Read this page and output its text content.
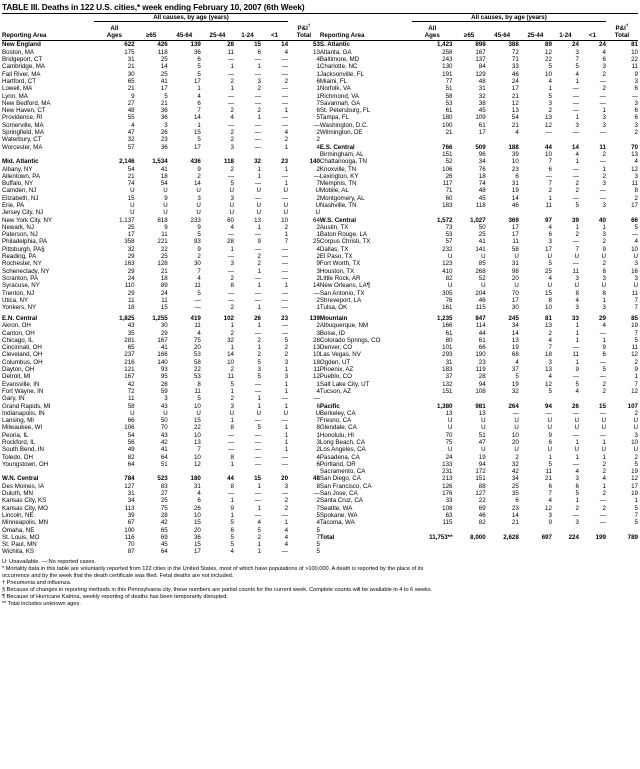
TABLE III. Deaths in 122 U.S. cities,* week ending February 10, 2007 (6th Week)
	All causes, by age (years)								All causes, by age (years)						
Reporting Area	All
Ages	≥65	45-64	25-44	1-24	<1	P&I†
Total	Reporting Area	All
Ages	≥65	45-64	25-44	1-24	<1	P&I†
Total

New England	622	426	139	28	15	14	53	S. Atlantic	1,423	898	388	89	24	24	81
Boston, MA	175	118	36	11	6	4	13	Atlanta, GA	258	167	72	12	3	4	10
Bridgeport, CT	31	25	6	—	—	—	4	Baltimore, MD	243	137	71	22	7	6	22
Cambridge, MA	21	14	5	1	1	—	1	Charlotte, NC	130	84	33	5	5	3	11
Fall River, MA	30	25	5	—	—	—	1	Jacksonville, FL	191	129	46	10	4	2	9
Hartford, CT	65	41	17	2	3	2	6	Miami, FL	77	48	24	4	1	—	3
Lowell, MA	21	17	1	1	2	—	1	Norfolk, VA	51	31	17	1	—	2	6
Lynn, MA	9	5	4	—	—	—	1	Richmond, VA	58	32	21	5	—	—	—
New Bedford, MA	27	21	6	—	—	—	7	Savannah, GA	53	38	12	3	—	—	3
New Haven, CT	48	36	7	2	2	1	6	St. Petersburg, FL	61	45	13	2	—	1	6
Providence, RI	55	36	14	4	1	—	5	Tampa, FL	180	109	54	13	1	3	6
Somerville, MA	4	3	1	—	—	—	—	Washington, D.C.	100	61	21	12	3	3	3
Springfield, MA	47	26	15	2	—	4	2	Wilmington, DE	21	17	4	—	—	—	2
Waterbury, CT	32	23	5	2	—	2	2								
Worcester, MA	57	36	17	3	—	1	4	E.S. Central	766	509	188	44	14	11	70
								Birmingham, AL	151	96	39	10	4	2	13
Mid. Atlantic	2,146	1,534	436	118	32	23	140	Chattanooga, TN	52	34	10	7	1	—	4
Albany, NY	54	41	9	2	1	1	2	Knoxville, TN	106	76	23	6	—	1	12
Allentown, PA	21	18	2	—	1	—	—	Lexington, KY	26	18	6	—	—	2	3
Buffalo, NY	74	54	14	5	—	1	7	Memphis, TN	117	74	31	7	2	3	11
Camden, NJ	U	U	U	U	U	U	U	Mobile, AL	71	48	19	2	2	—	8
Elizabeth, NJ	15	9	3	3	—	—	2	Montgomery, AL	60	45	14	1	—	—	2
Erie, PA	U	U	U	U	U	U	U	Nashville, TN	183	118	46	11	5	3	17
Jersey City, NJ	U	U	U	U	U	U	U								
New York City, NY	1,137	818	233	60	13	10	64	W.S. Central	1,572	1,027	369	97	39	40	66
Newark, NJ	25	9	9	4	1	2	2	Austin, TX	73	50	17	4	1	1	5
Paterson, NJ	17	11	5	—	—	1	1	Baton Rouge, LA	53	25	17	6	2	3	—
Philadelphia, PA	358	221	93	28	9	7	25	Corpus Christi, TX	57	41	11	3	—	2	4
Pittsburgh, PA§	32	22	9	1	—	—	4	Dallas, TX	232	141	58	17	7	9	10
Reading, PA	29	25	2	—	2	—	2	El Paso, TX	U	U	U	U	U	U	U
Rochester, NY	163	128	30	3	2	—	9	Fort Worth, TX	123	85	31	5	—	2	3
Schenectady, NY	29	21	7	—	1	—	3	Houston, TX	410	268	98	25	11	8	16
Scranton, PA	24	18	4	2	—	—	2	Little Rock, AR	82	52	20	4	3	3	3
Syracuse, NY	110	89	11	8	1	1	14	New Orleans, LA¶	U	U	U	U	U	U	U
Trenton, NJ	29	24	5	—	—	—	—	San Antonio, TX	305	204	70	15	8	8	11
Utica, NY	11	11	—	—	—	—	2	Shreveport, LA	76	46	17	8	4	1	7
Yonkers, NY	18	15	—	2	1	—	1	Tulsa, OK	161	115	30	10	3	3	7

E.N. Central	1,825	1,255	419	102	26	23	139	Mountain	1,235	847	245	81	33	29	85
Akron, OH	43	30	11	1	1	—	2	Albuquerque, NM	166	114	34	13	1	4	19
Canton, OH	35	29	4	2	—	—	3	Boise, ID	61	44	14	2	1	—	7
Chicago, IL	281	167	75	32	2	5	28	Colorado Springs, CO	80	61	13	4	1	1	5
Cincinnati, OH	65	41	20	1	1	2	13	Denver, CO	101	66	19	7	—	9	11
Cleveland, OH	237	166	53	14	2	2	10	Las Vegas, NV	293	190	68	18	11	6	12
Columbus, OH	216	140	58	10	5	3	18	Ogden, UT	31	23	4	3	1	—	2
Dayton, OH	121	93	22	2	3	1	11	Phoenix, AZ	183	119	37	13	9	5	9
Detroit, MI	167	95	53	11	5	3	12	Pueblo, CO	37	28	5	4	—	—	1
Evansville, IN	42	28	8	5	—	1	1	Salt Lake City, UT	132	94	19	12	5	2	7
Fort Wayne, IN	72	59	11	1	—	1	4	Tucson, AZ	151	108	32	5	4	2	12
Gary, IN	11	3	5	2	1	—	—								
Grand Rapids, MI	58	43	10	3	1	1	6	Pacific	1,380	981	264	94	26	15	107
Indianapolis, IN	U	U	U	U	U	U	U	Berkeley, CA	13	13	—	—	—	—	2
Lansing, MI	66	50	15	1	—	—	7	Fresno, CA	U	U	U	U	U	U	U
Milwaukee, WI	106	70	22	8	5	1	8	Glendale, CA	U	U	U	U	U	U	U
Peoria, IL	54	43	10	—	—	1	1	Honolulu, HI	70	51	10	9	—	—	3
Rockford, IL	56	42	13	—	—	1	3	Long Beach, CA	75	47	20	6	1	1	10
South Bend, IN	49	41	7	—	—	1	2	Los Angeles, CA	U	U	U	U	U	U	U
Toledo, OH	82	64	10	8	—	—	4	Pasadena, CA	24	19	2	1	1	1	2
Youngstown, OH	64	51	12	1	—	—	6	Portland, OR	133	94	32	5	—	2	5
								Sacramento, CA	231	172	42	11	4	2	19
W.N. Central	784	523	180	44	15	20	48	San Diego, CA	213	151	34	21	3	4	12
Des Moines, IA	127	83	31	8	1	3	8	San Francisco, CA	126	88	25	6	6	1	17
Duluth, MN	31	27	4	—	—	—	—	San Jose, CA	176	127	35	7	5	2	19
Kansas City, KS	34	25	6	1	—	2	2	Santa Cruz, CA	33	22	6	4	1	—	1
Kansas City, MO	113	75	26	9	1	2	7	Seattle, WA	108	69	23	12	2	2	5
Lincoln, NE	39	28	10	1	—	—	5	Spokane, WA	63	46	14	3	—	—	7
Minneapolis, MN	67	42	15	5	4	1	4	Tacoma, WA	115	82	21	9	3	—	5
Omaha, NE	100	65	20	6	5	4	5								
St. Louis, MO	116	69	36	5	2	4	7	Total	11,753**	8,000	2,628	697	224	199	789
St. Paul, MN	70	45	15	5	1	4	5								
Wichita, KS	87	64	17	4	1	—	5								
U: Unavailable. —:No reported cases.
* Mortality data in this table are voluntarily reported from 122 cities in the United States, most of which have populations of >100,000. A death is reported by the place of its
occurrence and by the week that the death certificate was filed. Fetal deaths are not included.
† Pneumonia and influenza.
§ Because of changes in reporting methods in this Pennsylvania city, these numbers are partial counts for the current week. Complete counts will be available in 4 to 6 weeks.
¶ Because of Hurricane Katrina, weekly reporting of deaths has been temporarily disrupted.
** Total includes unknown ages.
